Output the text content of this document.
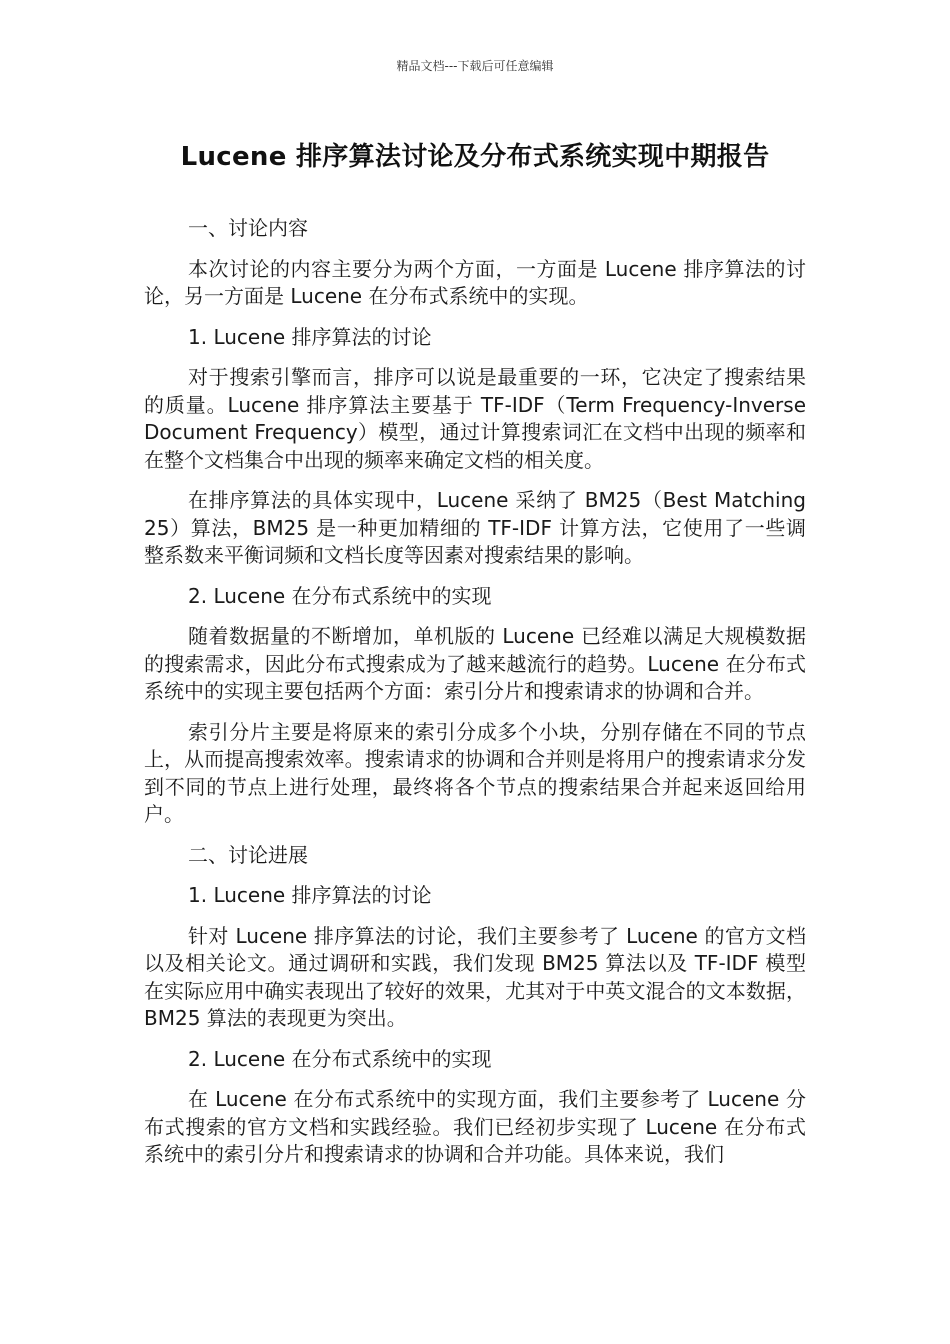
精品文档---下载后可任意编辑
Lucene 排序算法讨论及分布式系统实现中期报告

一、讨论内容

本次讨论的内容主要分为两个方面，一方面是 Lucene 排序算法的讨论，另一方面是 Lucene 在分布式系统中的实现。

1. Lucene 排序算法的讨论

对于搜索引擎而言，排序可以说是最重要的一环，它决定了搜索结果的质量。Lucene 排序算法主要基于 TF-IDF（Term Frequency-Inverse Document Frequency）模型，通过计算搜索词汇在文档中出现的频率和在整个文档集合中出现的频率来确定文档的相关度。

在排序算法的具体实现中，Lucene 采纳了 BM25（Best Matching 25）算法，BM25 是一种更加精细的 TF-IDF 计算方法，它使用了一些调整系数来平衡词频和文档长度等因素对搜索结果的影响。

2. Lucene 在分布式系统中的实现

随着数据量的不断增加，单机版的 Lucene 已经难以满足大规模数据的搜索需求，因此分布式搜索成为了越来越流行的趋势。Lucene 在分布式系统中的实现主要包括两个方面：索引分片和搜索请求的协调和合并。

索引分片主要是将原来的索引分成多个小块，分别存储在不同的节点上，从而提高搜索效率。搜索请求的协调和合并则是将用户的搜索请求分发到不同的节点上进行处理，最终将各个节点的搜索结果合并起来返回给用户。

二、讨论进展

1. Lucene 排序算法的讨论

针对 Lucene 排序算法的讨论，我们主要参考了 Lucene 的官方文档以及相关论文。通过调研和实践，我们发现 BM25 算法以及 TF-IDF 模型在实际应用中确实表现出了较好的效果，尤其对于中英文混合的文本数据，BM25 算法的表现更为突出。

2. Lucene 在分布式系统中的实现

在 Lucene 在分布式系统中的实现方面，我们主要参考了 Lucene 分布式搜索的官方文档和实践经验。我们已经初步实现了 Lucene 在分布式系统中的索引分片和搜索请求的协调和合并功能。具体来说，我们
